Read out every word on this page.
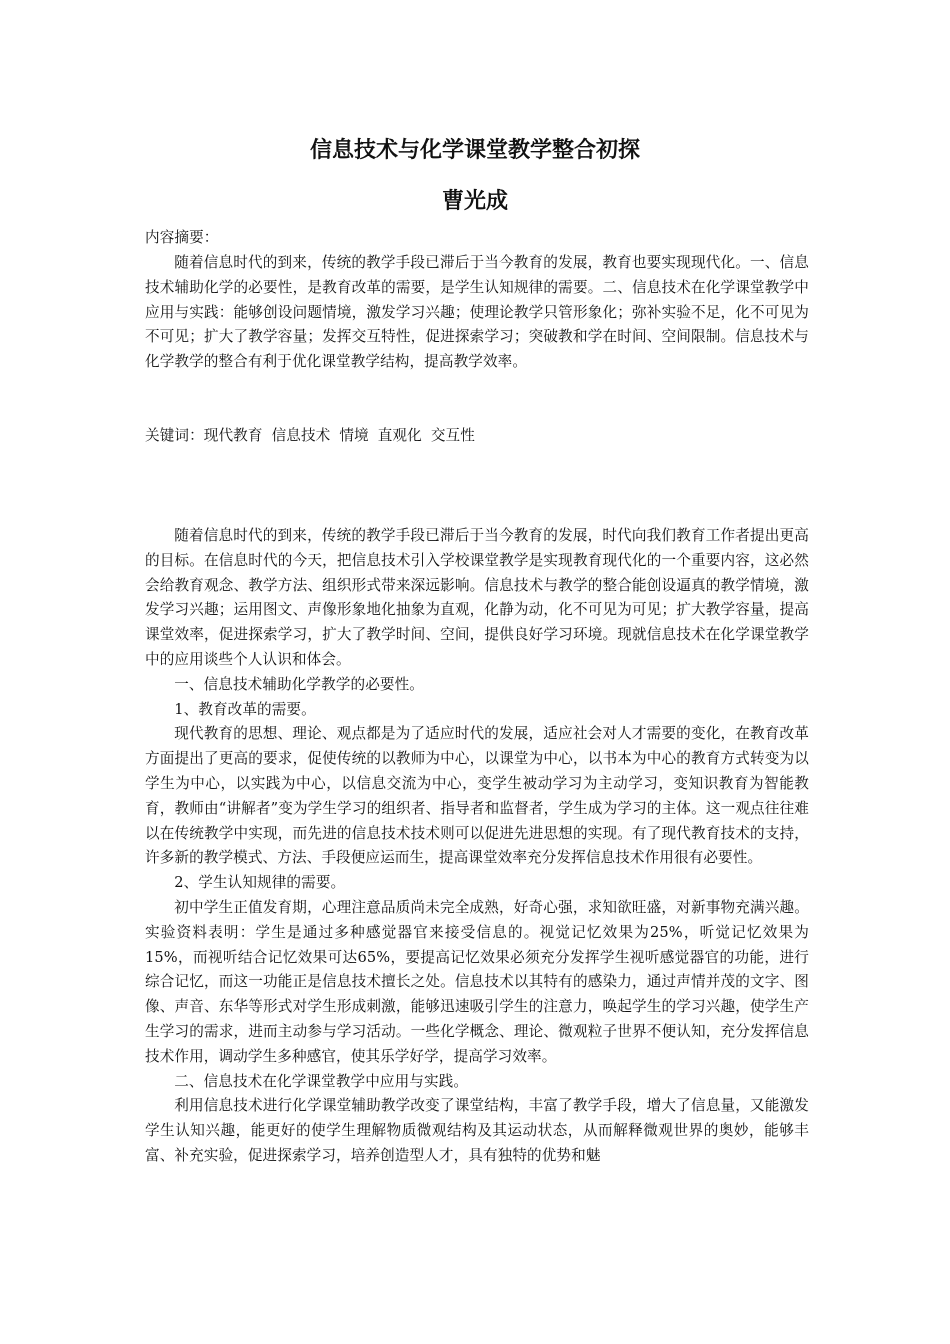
信息技术与化学课堂教学整合初探
曹光成

内容摘要：

随着信息时代的到来，传统的教学手段已滞后于当今教育的发展，教育也要实现现代化。一、信息技术辅助化学的必要性，是教育改革的需要，是学生认知规律的需要。二、信息技术在化学课堂教学中应用与实践：能够创设问题情境，激发学习兴趣；使理论教学只管形象化；弥补实验不足，化不可见为不可见；扩大了教学容量；发挥交互特性，促进探索学习；突破教和学在时间、空间限制。信息技术与化学教学的整合有利于优化课堂教学结构，提高教学效率。

关键词：现代教育 信息技术 情境 直观化 交互性

随着信息时代的到来，传统的教学手段已滞后于当今教育的发展，时代向我们教育工作者提出更高的目标。在信息时代的今天，把信息技术引入学校课堂教学是实现教育现代化的一个重要内容，这必然会给教育观念、教学方法、组织形式带来深远影响。信息技术与教学的整合能创设逼真的教学情境，激发学习兴趣；运用图文、声像形象地化抽象为直观，化静为动，化不可见为可见；扩大教学容量，提高课堂效率，促进探索学习，扩大了教学时间、空间，提供良好学习环境。现就信息技术在化学课堂教学中的应用谈些个人认识和体会。

一、信息技术辅助化学教学的必要性。

1、教育改革的需要。

现代教育的思想、理论、观点都是为了适应时代的发展，适应社会对人才需要的变化，在教育改革方面提出了更高的要求，促使传统的以教师为中心，以课堂为中心，以书本为中心的教育方式转变为以学生为中心，以实践为中心，以信息交流为中心，变学生被动学习为主动学习，变知识教育为智能教育，教师由“讲解者”变为学生学习的组织者、指导者和监督者，学生成为学习的主体。这一观点往往难以在传统教学中实现，而先进的信息技术技术则可以促进先进思想的实现。有了现代教育技术的支持，许多新的教学模式、方法、手段便应运而生，提高课堂效率充分发挥信息技术作用很有必要性。

2、学生认知规律的需要。

初中学生正值发育期，心理注意品质尚未完全成熟，好奇心强，求知欲旺盛，对新事物充满兴趣。实验资料表明：学生是通过多种感觉器官来接受信息的。视觉记忆效果为25%，听觉记忆效果为15%，而视听结合记忆效果可达65%，要提高记忆效果必须充分发挥学生视听感觉器官的功能，进行综合记忆，而这一功能正是信息技术擅长之处。信息技术以其特有的感染力，通过声情并茂的文字、图像、声音、东华等形式对学生形成刺激，能够迅速吸引学生的注意力，唤起学生的学习兴趣，使学生产生学习的需求，进而主动参与学习活动。一些化学概念、理论、微观粒子世界不便认知，充分发挥信息技术作用，调动学生多种感官，使其乐学好学，提高学习效率。

二、信息技术在化学课堂教学中应用与实践。

利用信息技术进行化学课堂辅助教学改变了课堂结构，丰富了教学手段，增大了信息量，又能激发学生认知兴趣，能更好的使学生理解物质微观结构及其运动状态，从而解释微观世界的奥妙，能够丰富、补充实验，促进探索学习，培养创造型人才，具有独特的优势和魅
